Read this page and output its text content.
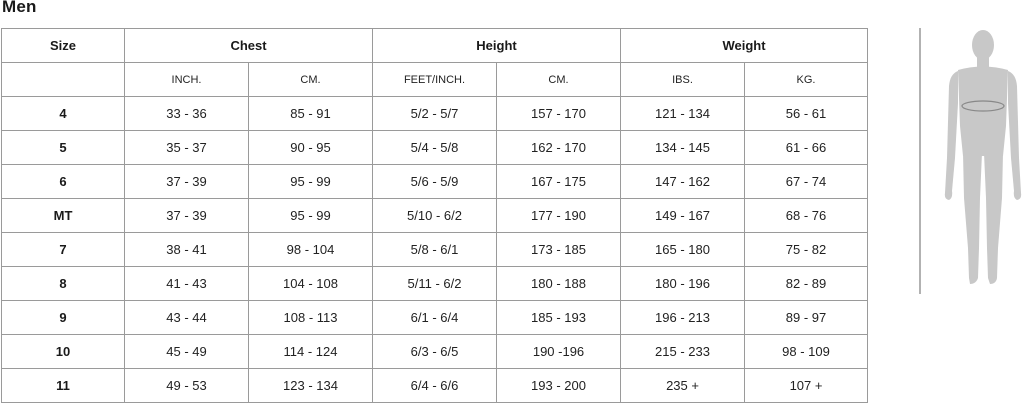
Men
Size	Chest		Height		Weight	
	INCH.	CM.	FEET/INCH.	CM.	IBS.	KG.
4	33 - 36	85 - 91	5/2 - 5/7	157 - 170	121 - 134	56 - 61
5	35 - 37	90 - 95	5/4 - 5/8	162 - 170	134 - 145	61 - 66
6	37 - 39	95 - 99	5/6 - 5/9	167 - 175	147 - 162	67 - 74
MT	37 - 39	95 - 99	5/10 - 6/2	177 - 190	149 - 167	68 - 76
7	38 - 41	98 - 104	5/8 - 6/1	173 - 185	165 - 180	75 - 82
8	41 - 43	104 - 108	5/11 - 6/2	180 - 188	180 - 196	82 - 89
9	43 - 44	108 - 113	6/1 - 6/4	185 - 193	196 - 213	89 - 97
10	45 - 49	114 - 124	6/3 - 6/5	190 -196	215 - 233	98 - 109
11	49 - 53	123 - 134	6/4 - 6/6	193 - 200	235 +	107 +
